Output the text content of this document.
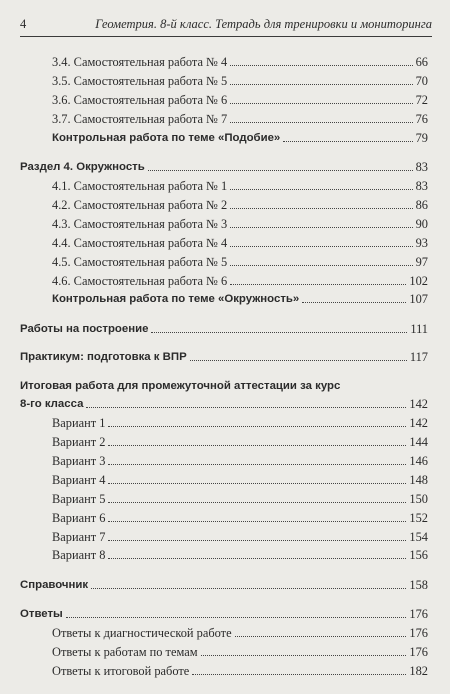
4	Геометрия. 8-й класс. Тетрадь для тренировки и мониторинга
3.4. Самостоятельная работа № 4	66
3.5. Самостоятельная работа № 5	70
3.6. Самостоятельная работа № 6	72
3.7. Самостоятельная работа № 7	76
Контрольная работа по теме «Подобие»	79
Раздел 4. Окружность	83
4.1. Самостоятельная работа № 1	83
4.2. Самостоятельная работа № 2	86
4.3. Самостоятельная работа № 3	90
4.4. Самостоятельная работа № 4	93
4.5. Самостоятельная работа № 5	97
4.6. Самостоятельная работа № 6	102
Контрольная работа по теме «Окружность»	107
Работы на построение	111
Практикум: подготовка к ВПР	117
Итоговая работа для промежуточной аттестации за курс
8-го класса	142
Вариант 1	142
Вариант 2	144
Вариант 3	146
Вариант 4	148
Вариант 5	150
Вариант 6	152
Вариант 7	154
Вариант 8	156
Справочник	158
Ответы	176
Ответы к диагностической работе	176
Ответы к работам по темам	176
Ответы к итоговой работе	182
